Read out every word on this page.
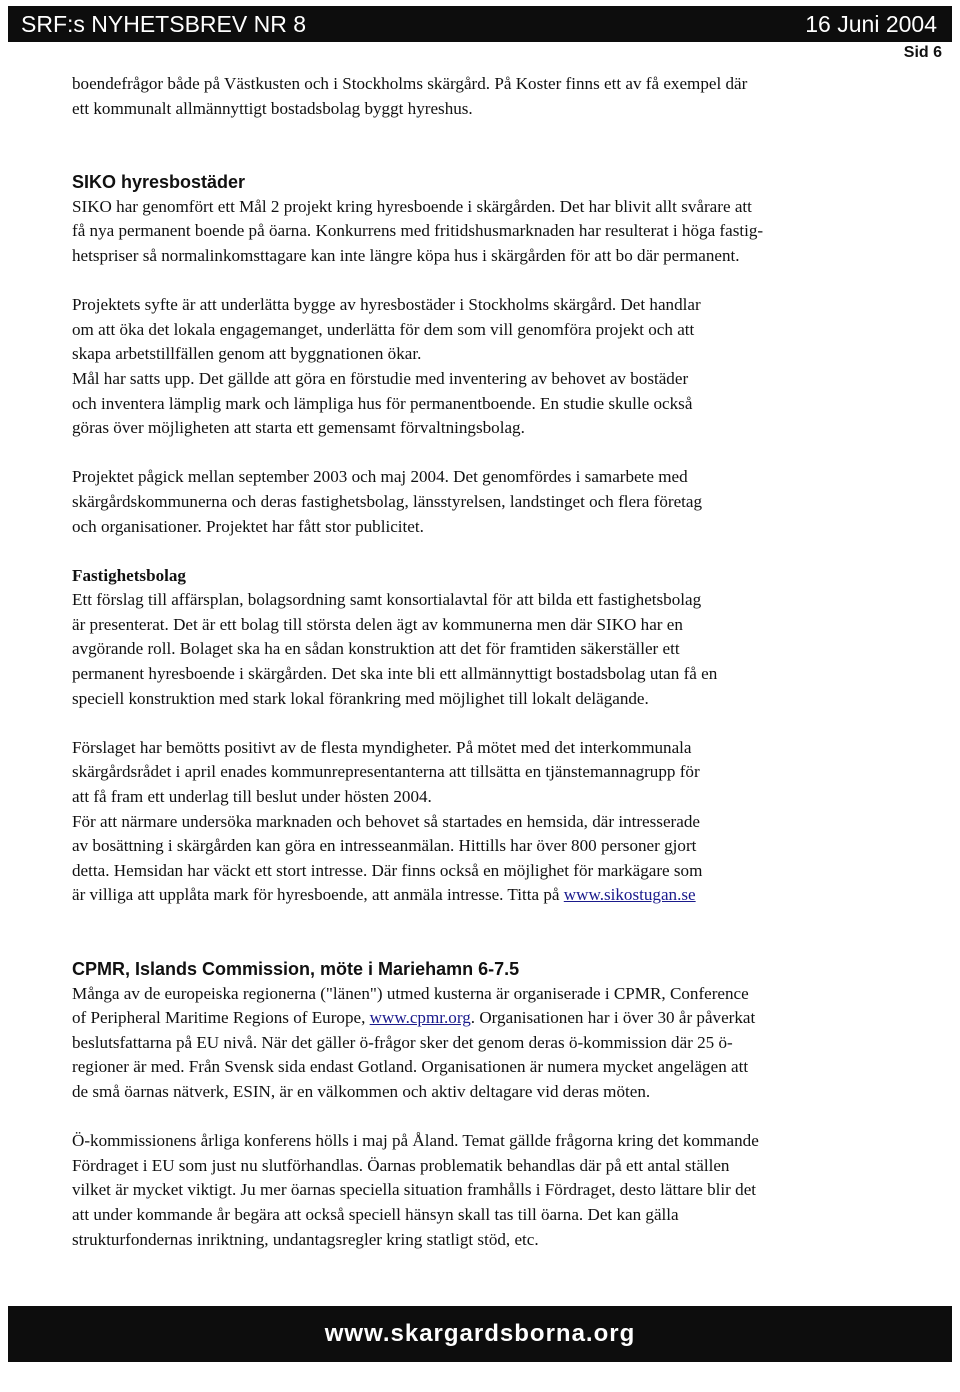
SRF:s NYHETSBREV NR 8	16 Juni 2004
Sid 6

boendefrågor både på Västkusten och i Stockholms skärgård. På Koster finns ett av få exempel där
ett kommunalt allmännyttigt bostadsbolag byggt hyreshus.

SIKO hyresbostäder

SIKO har genomfört ett Mål 2 projekt kring hyresboende i skärgården. Det har blivit allt svårare att
få nya permanent boende på öarna. Konkurrens med fritidshusmarknaden har resulterat i höga fastig-
hetspriser så normalinkomsttagare kan inte längre köpa hus i skärgården för att bo där permanent.

Projektets syfte är att underlätta bygge av hyresbostäder i Stockholms skärgård. Det handlar
om att öka det lokala engagemanget, underlätta för dem som vill genomföra projekt och att
skapa arbetstillfällen genom att byggnationen ökar.
Mål har satts upp. Det gällde att göra en förstudie med inventering av behovet av bostäder
och inventera lämplig mark och lämpliga hus för permanentboende. En studie skulle också
göras över möjligheten att starta ett gemensamt förvaltningsbolag.

Projektet pågick mellan september 2003 och maj 2004. Det genomfördes i samarbete med
skärgårdskommunerna och deras fastighetsbolag, länsstyrelsen, landstinget och flera företag
och organisationer. Projektet har fått stor publicitet.

Fastighetsbolag

Ett förslag till affärsplan, bolagsordning samt konsortialavtal för att bilda ett fastighetsbolag
är presenterat. Det är ett bolag till största delen ägt av kommunerna men där SIKO har en
avgörande roll. Bolaget ska ha en sådan konstruktion att det för framtiden säkerställer ett
permanent hyresboende i skärgården. Det ska inte bli ett allmännyttigt bostadsbolag utan få en
speciell konstruktion med stark lokal förankring med möjlighet till lokalt delägande.

Förslaget har bemötts positivt av de flesta myndigheter. På mötet med det interkommunala
skärgårdsrådet i april enades kommunrepresentanterna att tillsätta en tjänstemannagrupp för
att få fram ett underlag till beslut under hösten 2004.
För att närmare undersöka marknaden och behovet så startades en hemsida, där intresserade
av bosättning i skärgården kan göra en intresseanmälan. Hittills har över 800 personer gjort
detta. Hemsidan har väckt ett stort intresse. Där finns också en möjlighet för markägare som
är villiga att upplåta mark för hyresboende, att anmäla intresse. Titta på www.sikostugan.se

CPMR, Islands Commission, möte i Mariehamn 6-7.5

Många av de europeiska regionerna ("länen") utmed kusterna är organiserade i CPMR, Conference
of Peripheral Maritime Regions of Europe, www.cpmr.org. Organisationen har i över 30 år påverkat
beslutsfattarna på EU nivå. När det gäller ö-frågor sker det genom deras ö-kommission där 25 ö-
regioner är med. Från Svensk sida endast Gotland. Organisationen är numera mycket angelägen att
de små öarnas nätverk, ESIN, är en välkommen och aktiv deltagare vid deras möten.

Ö-kommissionens årliga konferens hölls i maj på Åland. Temat gällde frågorna kring det kommande
Fördraget i EU som just nu slutförhandlas. Öarnas problematik behandlas där på ett antal ställen
vilket är mycket viktigt. Ju mer öarnas speciella situation framhålls i Fördraget, desto lättare blir det
att under kommande år begära att också speciell hänsyn skall tas till öarna. Det kan gälla
strukturfondernas inriktning, undantagsregler kring statligt stöd, etc.

www.skargardsborna.org
